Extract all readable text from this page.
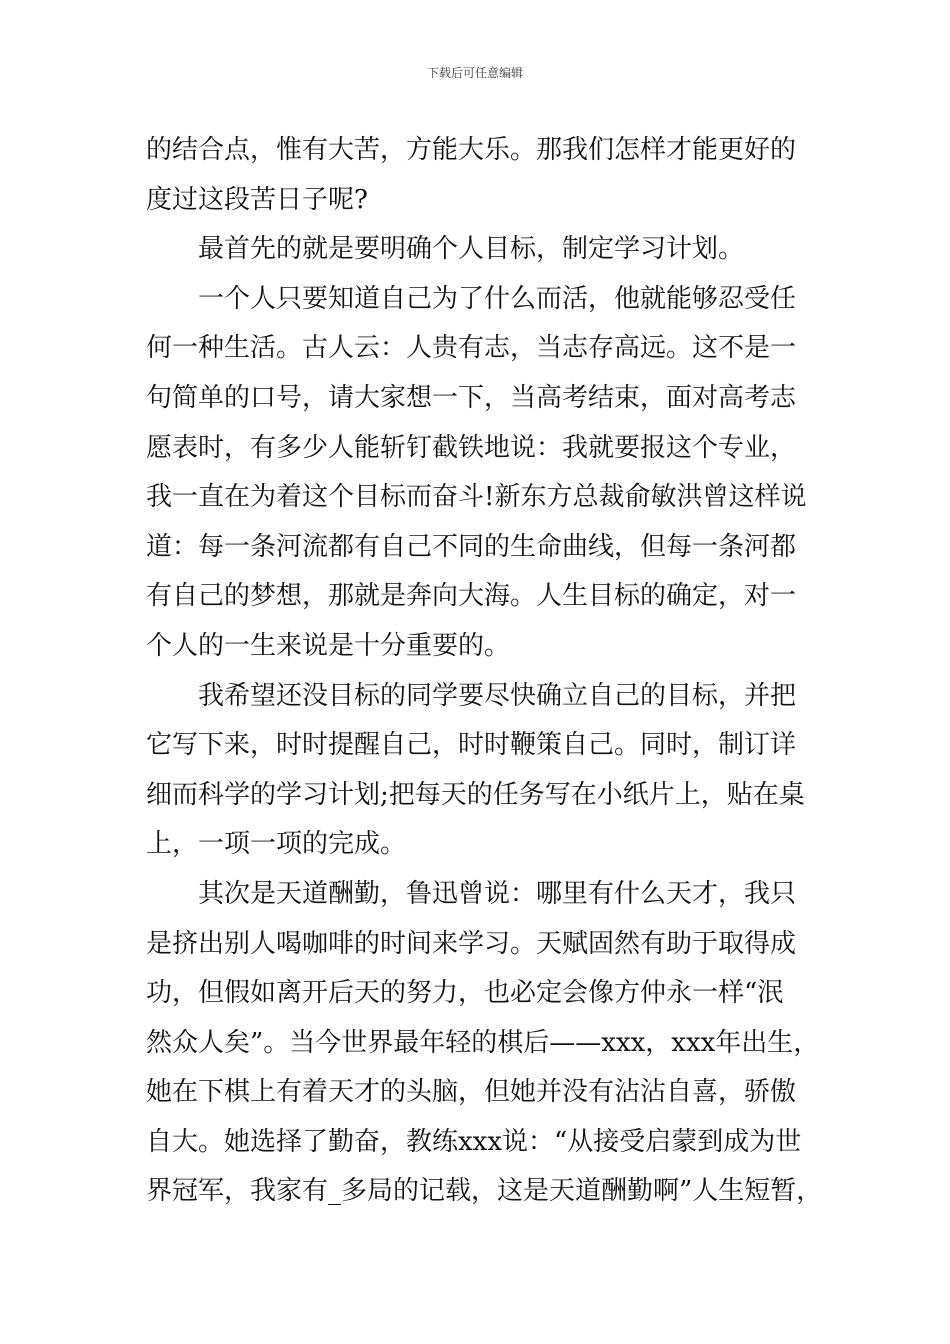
下载后可任意编辑
的结合点，惟有大苦，方能大乐。那我们怎样才能更好的
度过这段苦日子呢?
最首先的就是要明确个人目标，制定学习计划。
一个人只要知道自己为了什么而活，他就能够忍受任
何一种生活。古人云：人贵有志，当志存高远。这不是一
句简单的口号，请大家想一下，当高考结束，面对高考志
愿表时，有多少人能斩钉截铁地说：我就要报这个专业，
我一直在为着这个目标而奋斗!新东方总裁俞敏洪曾这样说
道：每一条河流都有自己不同的生命曲线，但每一条河都
有自己的梦想，那就是奔向大海。人生目标的确定，对一
个人的一生来说是十分重要的。
我希望还没目标的同学要尽快确立自己的目标，并把
它写下来，时时提醒自己，时时鞭策自己。同时，制订详
细而科学的学习计划;把每天的任务写在小纸片上，贴在桌
上，一项一项的完成。
其次是天道酬勤，鲁迅曾说：哪里有什么天才，我只
是挤出别人喝咖啡的时间来学习。天赋固然有助于取得成
功，但假如离开后天的努力，也必定会像方仲永一样“泯
然众人矣”。当今世界最年轻的棋后——xxx，xxx年出生，
她在下棋上有着天才的头脑，但她并没有沾沾自喜，骄傲
自大。她选择了勤奋，教练xxx说：“从接受启蒙到成为世
界冠军，我家有_多局的记载，这是天道酬勤啊”人生短暂，
